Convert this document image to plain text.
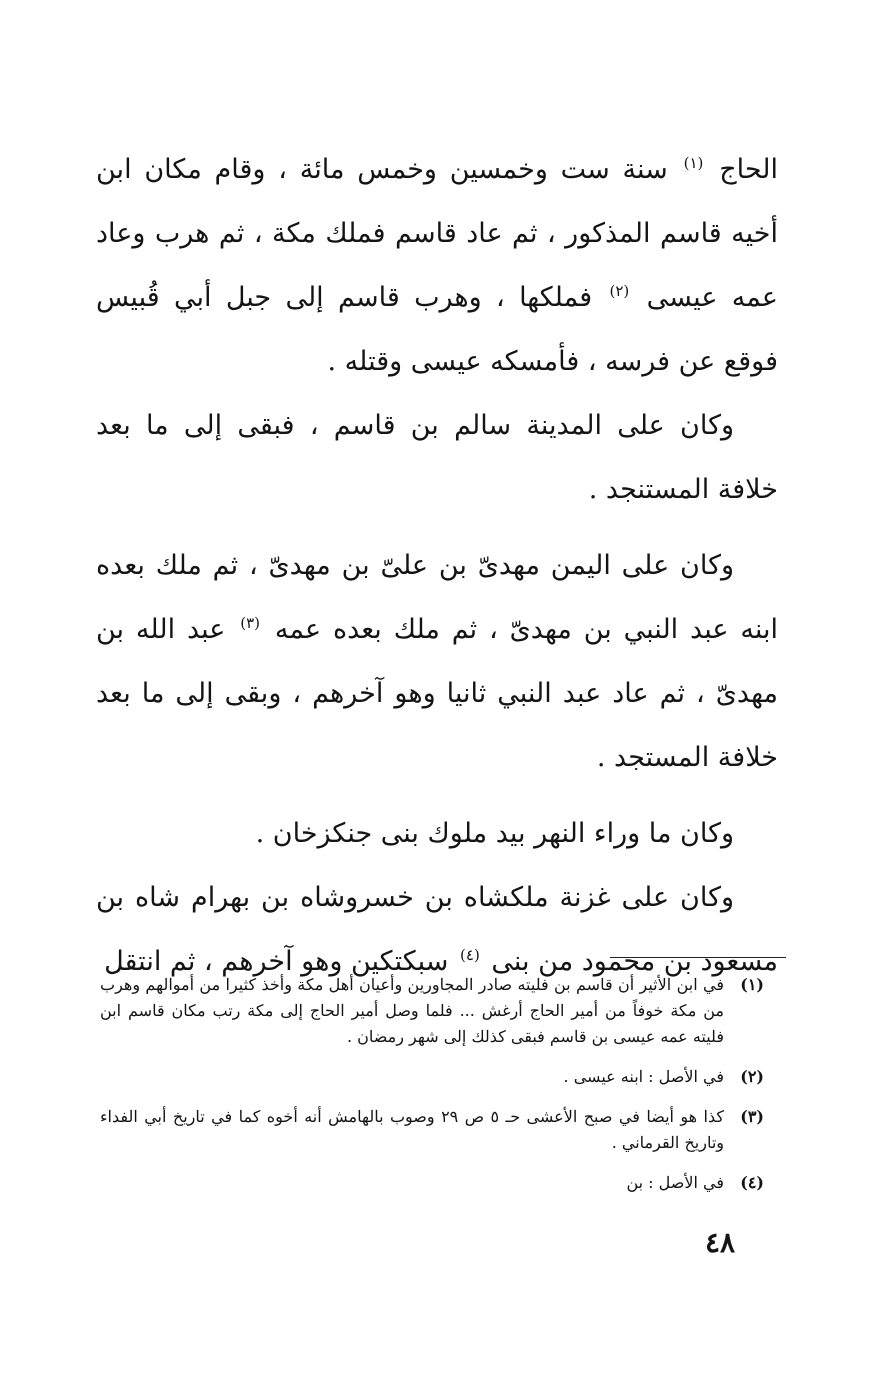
الحاج $^{(١)}$ سنة ست وخمسين وخمس مائة ، وقام مكان ابن أخيه قاسم المذكور ، ثم عاد قاسم فملك مكة ، ثم هرب وعاد عمه عيسى $^{(٢)}$ فملكها ، وهرب قاسم إلى جبل أبي قُبيس فوقع عن فرسه ، فأمسكه عيسى وقتله .

وكان على المدينة سالم بن قاسم ، فبقى إلى ما بعد خلافة المستنجد .

وكان على اليمن مهدىّ بن علىّ بن مهدىّ ، ثم ملك بعده ابنه عبد النبي بن مهدىّ ، ثم ملك بعده عمه $^{(٣)}$ عبد الله بن مهدىّ ، ثم عاد عبد النبي ثانيا وهو آخرهم ، وبقى إلى ما بعد خلافة المستجد .

وكان ما وراء النهر بيد ملوك بنى جنكزخان .

وكان على غزنة ملكشاه بن خسروشاه بن بهرام شاه بن مسعود بن محمود من بنى $^{(٤)}$ سبكتكين وهو آخرهم ، ثم انتقل

(١)
في ابن الأثير أن قاسم بن فليته صادر المجاورين وأعيان أهل مكة وأخذ كثيرا من أموالهم وهرب من مكة خوفاً من أمير الحاج أرغش ... فلما وصل أمير الحاج إلى مكة رتب مكان قاسم ابن فليته عمه عيسى بن قاسم فبقى كذلك إلى شهر رمضان .
(٢)
في الأصل : ابنه عيسى .
(٣)
كذا هو أيضا في صبح الأعشى حـ ٥ ص ٢٩ وصوب بالهامش أنه أخوه كما في تاريخ أبي الفداء وتاريخ القرماني .
(٤)
في الأصل : بن
٤٨
